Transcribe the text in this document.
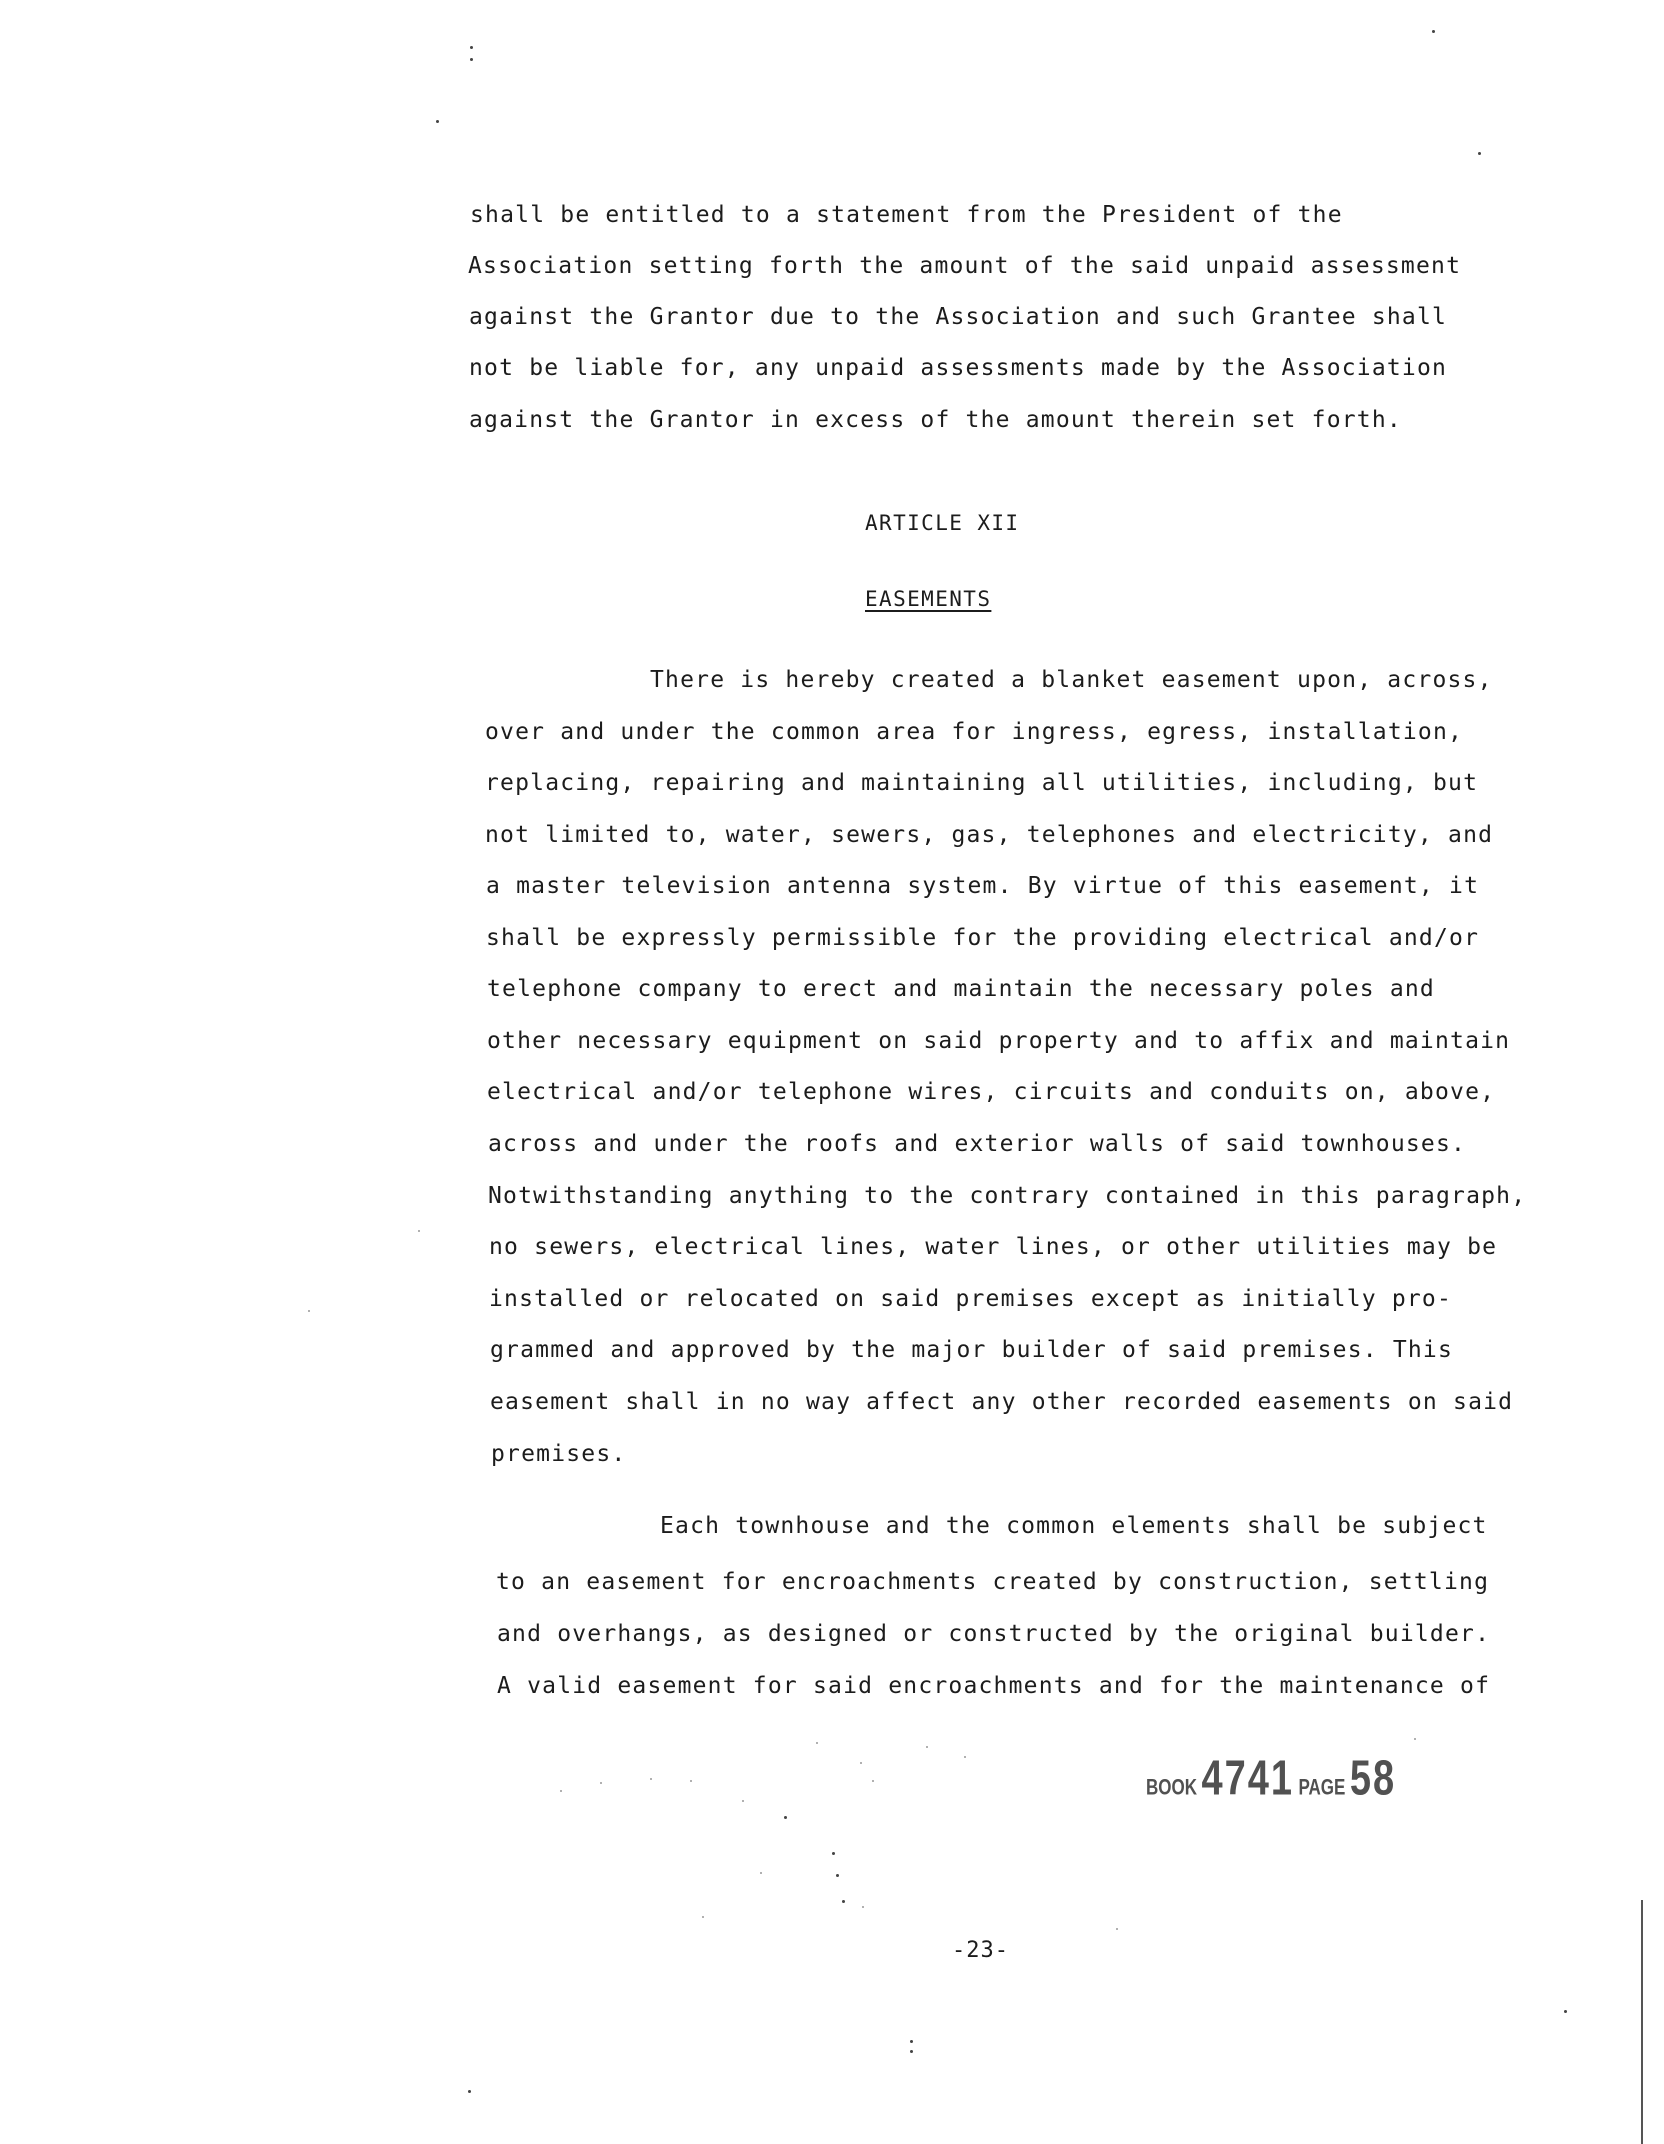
shall be entitled to a statement from the President of the
Association setting forth the amount of the said unpaid assessment
against the Grantor due to the Association and such Grantee shall
not be liable for, any unpaid assessments made by the Association
against the Grantor in excess of the amount therein set forth.
ARTICLE XII
EASEMENTS
There is hereby created a blanket easement upon, across,
over and under the common area for ingress, egress, installation,
replacing, repairing and maintaining all utilities, including, but
not limited to, water, sewers, gas, telephones and electricity, and
a master television antenna system. By virtue of this easement, it
shall be expressly permissible for the providing electrical and/or
telephone company to erect and maintain the necessary poles and
other necessary equipment on said property and to affix and maintain
electrical and/or telephone wires, circuits and conduits on, above,
across and under the roofs and exterior walls of said townhouses.
Notwithstanding anything to the contrary contained in this paragraph,
no sewers, electrical lines, water lines, or other utilities may be
installed or relocated on said premises except as initially pro-
grammed and approved by the major builder of said premises. This
easement shall in no way affect any other recorded easements on said
premises.
Each townhouse and the common elements shall be subject
to an easement for encroachments created by construction, settling
and overhangs, as designed or constructed by the original builder.
A valid easement for said encroachments and for the maintenance of
BOOK 4741 PAGE 58
-23-
